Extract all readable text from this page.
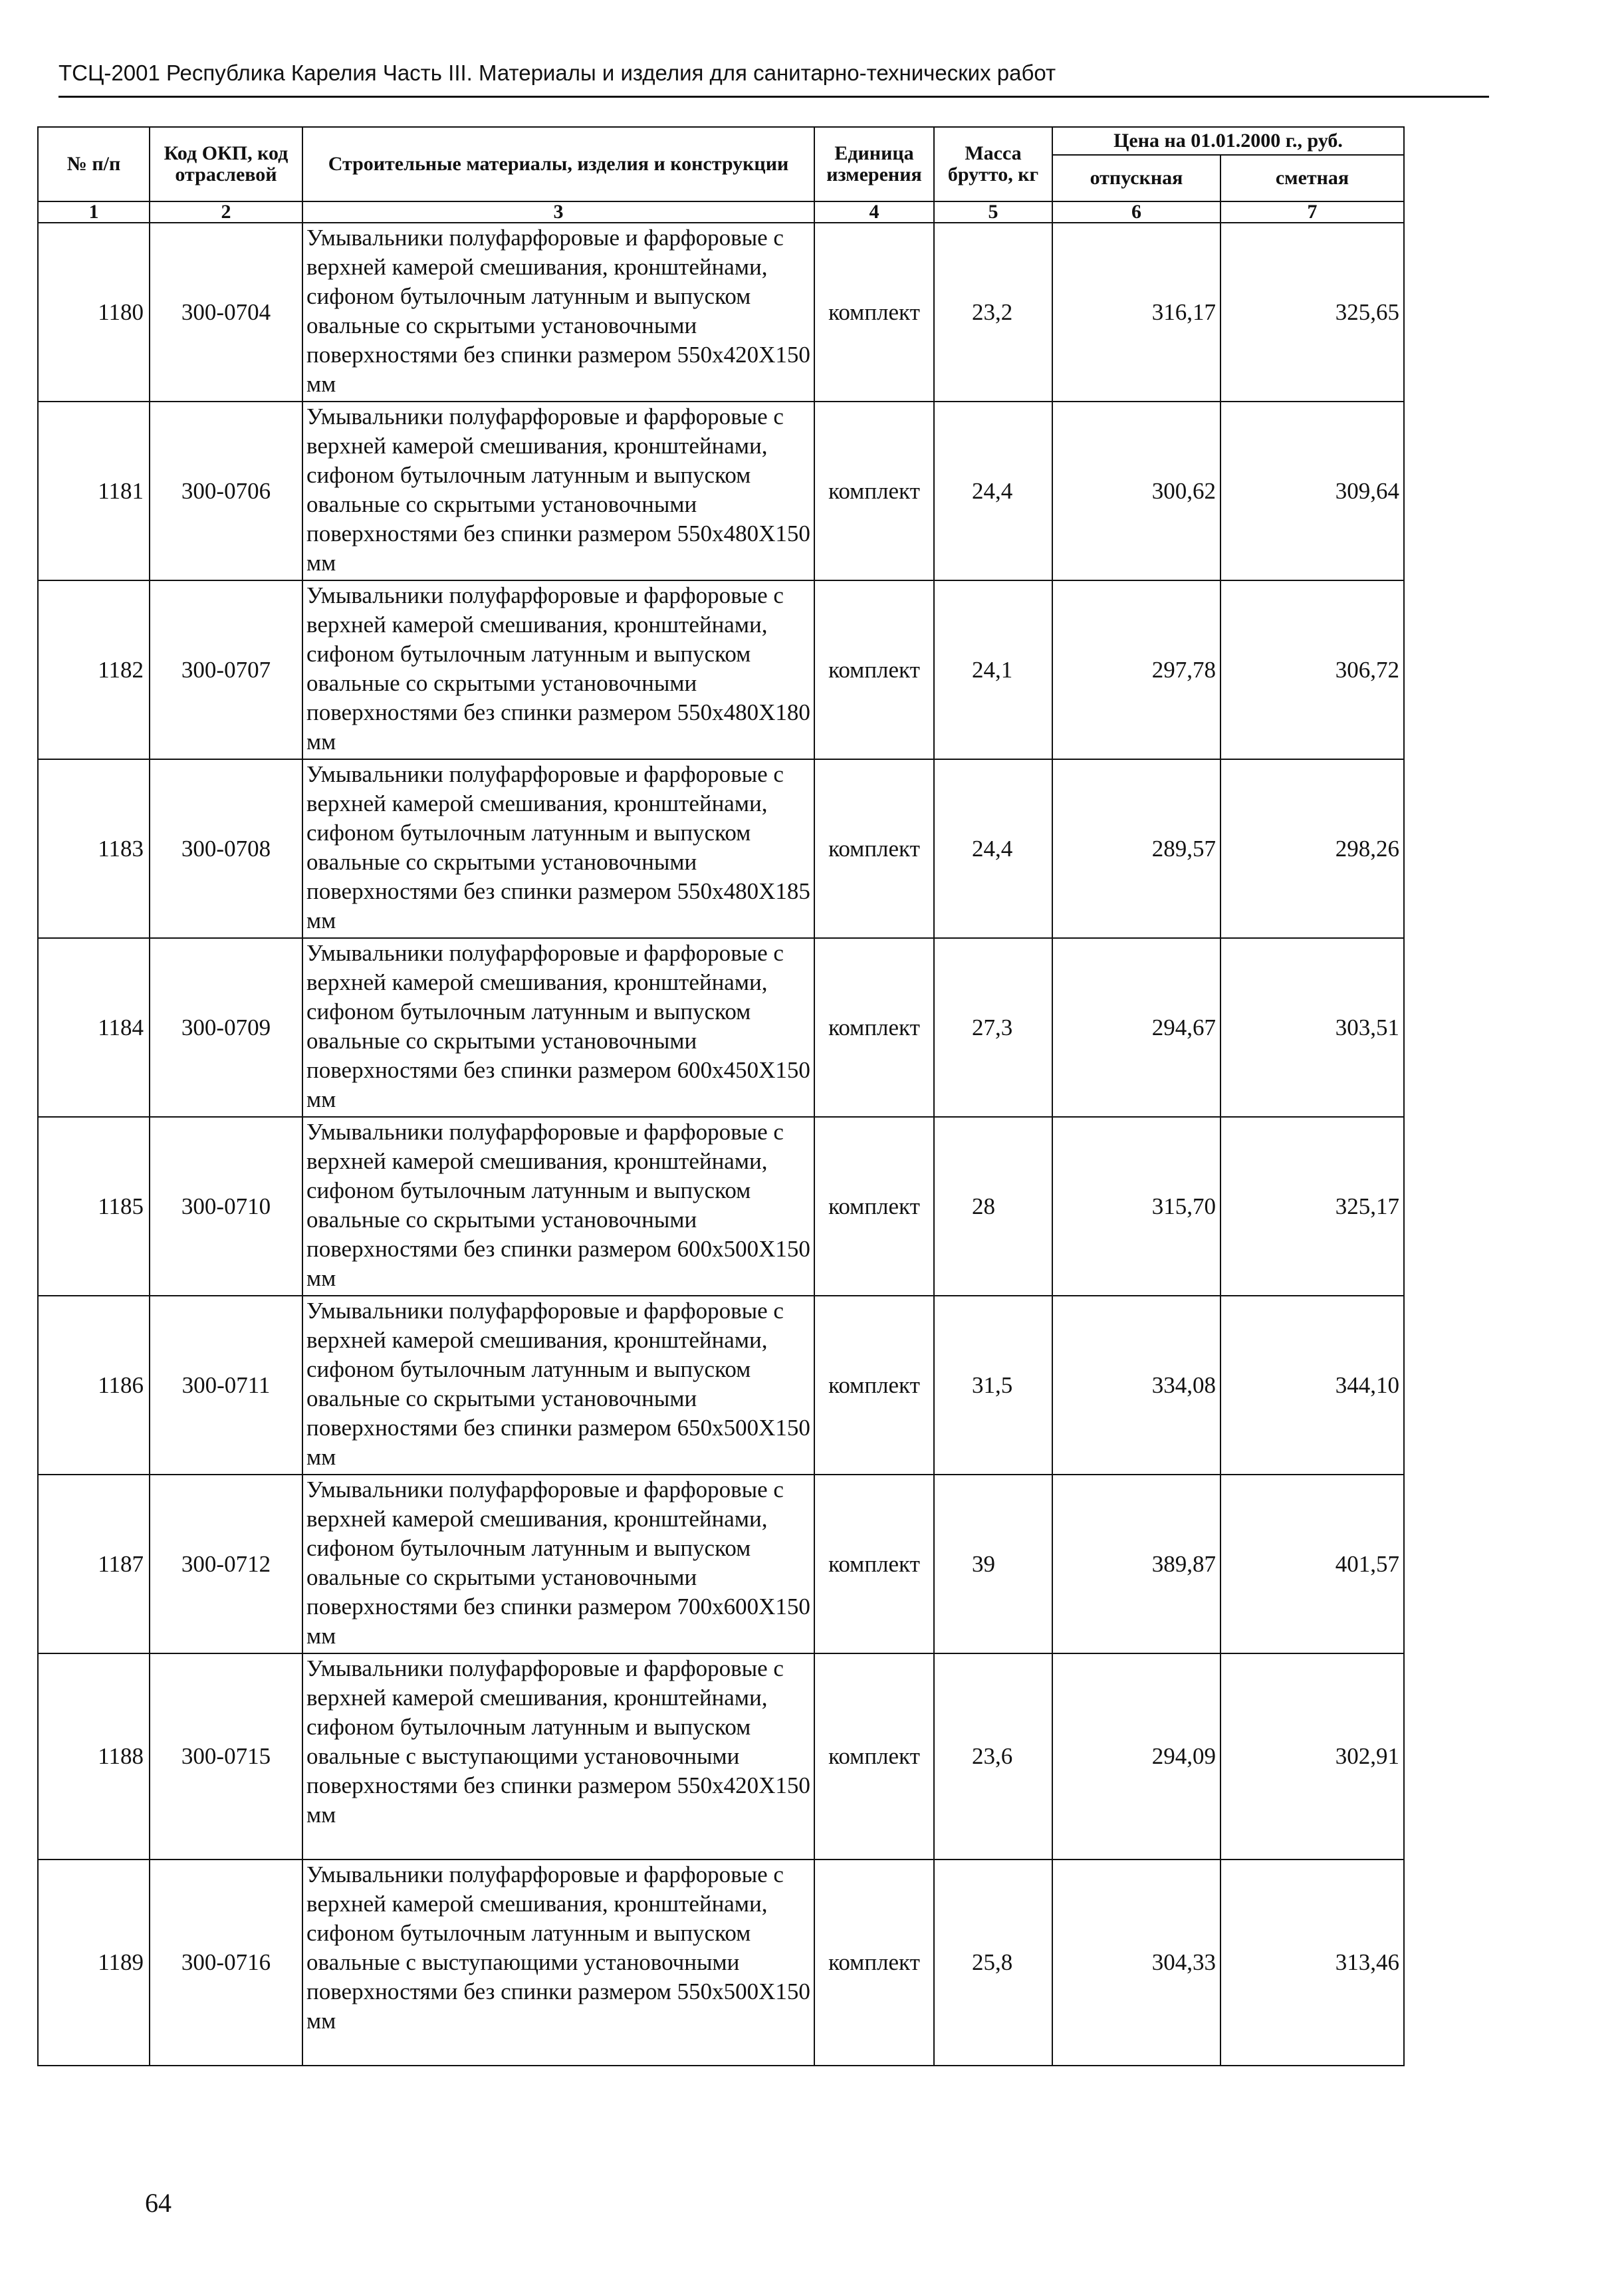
ТСЦ-2001 Республика Карелия Часть III. Материалы и изделия для санитарно-технических работ
№ п/п	Код ОКП, код отраслевой	Строительные материалы, изделия и конструкции	Единица измерения	Масса брутто, кг	Цена на 01.01.2000 г., руб.	
					отпускная	сметная
1	2	3	4	5	6	7
1180	300-0704	Умывальники полуфарфоровые и фарфоровые с верхней камерой смешивания, кронштейнами, сифоном бутылочным латунным и выпуском овальные со скрытыми установочными поверхностями без спинки размером 550х420Х150 мм	комплект	23,2	316,17	325,65
1181	300-0706	Умывальники полуфарфоровые и фарфоровые с верхней камерой смешивания, кронштейнами, сифоном бутылочным латунным и выпуском овальные со скрытыми установочными поверхностями без спинки размером 550х480Х150 мм	комплект	24,4	300,62	309,64
1182	300-0707	Умывальники полуфарфоровые и фарфоровые с верхней камерой смешивания, кронштейнами, сифоном бутылочным латунным и выпуском овальные со скрытыми установочными поверхностями без спинки размером 550х480Х180 мм	комплект	24,1	297,78	306,72
1183	300-0708	Умывальники полуфарфоровые и фарфоровые с верхней камерой смешивания, кронштейнами, сифоном бутылочным латунным и выпуском овальные со скрытыми установочными поверхностями без спинки размером 550х480Х185 мм	комплект	24,4	289,57	298,26
1184	300-0709	Умывальники полуфарфоровые и фарфоровые с верхней камерой смешивания, кронштейнами, сифоном бутылочным латунным и выпуском овальные со скрытыми установочными поверхностями без спинки размером 600х450Х150 мм	комплект	27,3	294,67	303,51
1185	300-0710	Умывальники полуфарфоровые и фарфоровые с верхней камерой смешивания, кронштейнами, сифоном бутылочным латунным и выпуском овальные со скрытыми установочными поверхностями без спинки размером 600х500Х150 мм	комплект	28	315,70	325,17
1186	300-0711	Умывальники полуфарфоровые и фарфоровые с верхней камерой смешивания, кронштейнами, сифоном бутылочным латунным и выпуском овальные со скрытыми установочными поверхностями без спинки размером 650х500Х150 мм	комплект	31,5	334,08	344,10
1187	300-0712	Умывальники полуфарфоровые и фарфоровые с верхней камерой смешивания, кронштейнами, сифоном бутылочным латунным и выпуском овальные со скрытыми установочными поверхностями без спинки размером 700х600Х150 мм	комплект	39	389,87	401,57
1188	300-0715	Умывальники полуфарфоровые и фарфоровые с верхней камерой смешивания, кронштейнами, сифоном бутылочным латунным и выпуском овальные с выступающими установочными поверхностями без спинки размером 550х420Х150 мм	комплект	23,6	294,09	302,91
1189	300-0716	Умывальники полуфарфоровые и фарфоровые с верхней камерой смешивания, кронштейнами, сифоном бутылочным латунным и выпуском овальные с выступающими установочными поверхностями без спинки размером 550х500Х150 мм	комплект	25,8	304,33	313,46
64
